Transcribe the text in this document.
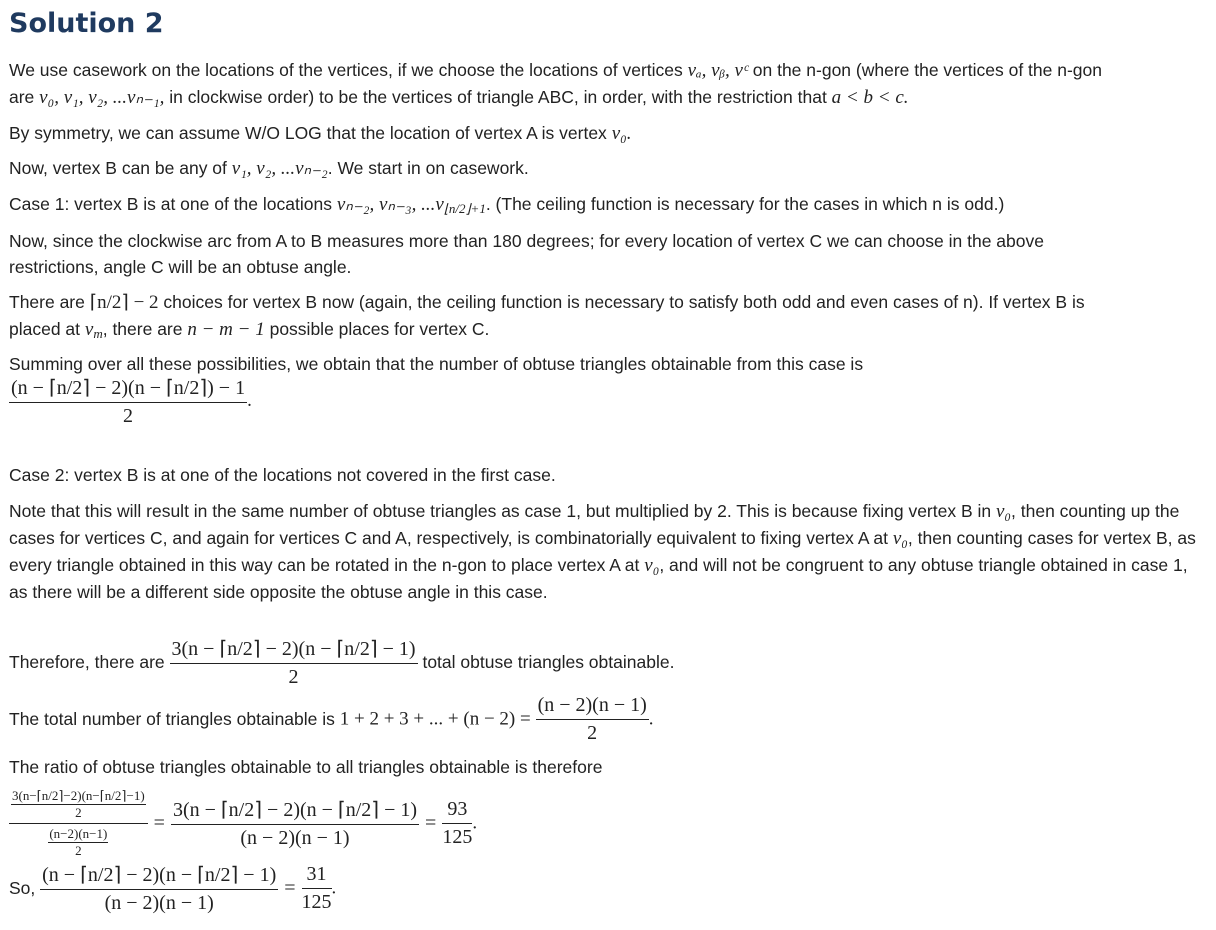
Solution 2

We use casework on the locations of the vertices, if we choose the locations of vertices vₐ, vᵦ, vᶜ on the n-gon (where the vertices of the n-gon
are v₀, v₁, v₂, ...vₙ₋₁, in clockwise order) to be the vertices of triangle ABC, in order, with the restriction that a < b < c.

By symmetry, we can assume W/O LOG that the location of vertex A is vertex v₀.

Now, vertex B can be any of v₁, v₂, ...vₙ₋₂. We start in on casework.

Case 1: vertex B is at one of the locations vₙ₋₂, vₙ₋₃, $...v_{⌊n/2⌋+1}$. (The ceiling function is necessary for the cases in which n is odd.)

Now, since the clockwise arc from A to B measures more than 180 degrees; for every location of vertex C we can choose in the above restrictions, angle C will be an obtuse angle.

There are ⌈n/2⌉ − 2 choices for vertex B now (again, the ceiling function is necessary to satisfy both odd and even cases of n). If vertex B is
placed at $v_m$, there are n − m − 1 possible places for vertex C.

Summing over all these possibilities, we obtain that the number of obtuse triangles obtainable from this case is

$\frac{(n - ⌈n/2⌉ - 2)(n - ⌈n/2⌉) - 1}{2}$ .

Case 2: vertex B is at one of the locations not covered in the first case.

Note that this will result in the same number of obtuse triangles as case 1, but multiplied by 2. This is because fixing vertex B in v₀, then counting up the cases for vertices C, and again for vertices C and A, respectively, is combinatorially equivalent to fixing vertex A at v₀, then counting cases for vertex B, as every triangle obtained in this way can be rotated in the n-gon to place vertex A at v₀, and will not be congruent to any obtuse triangle obtained in case 1, as there will be a different side opposite the obtuse angle in this case.

Therefore, there are $\frac{3(n - ⌈n/2⌉ - 2)(n - ⌈n/2⌉ - 1)}{2}$ total obtuse triangles obtainable.
The total number of triangles obtainable is 1 + 2 + 3 + ... + $(n - 2) = \frac{(n - 2)(n - 1)}{2}$ .

The ratio of obtuse triangles obtainable to all triangles obtainable is therefore

$\frac{\frac{3(n-⌈n/2⌉-2)(n-⌈n/2⌉-1)}{2}}{\frac{(n-2)(n-1)}{2}} = \frac{3(n - ⌈n/2⌉ - 2)(n - ⌈n/2⌉ - 1)}{(n - 2)(n - 1)} = \frac{93}{125}$ .
So, $\frac{(n - ⌈n/2⌉ - 2)(n - ⌈n/2⌉ - 1)}{(n - 2)(n - 1)} = \frac{31}{125}$ .
